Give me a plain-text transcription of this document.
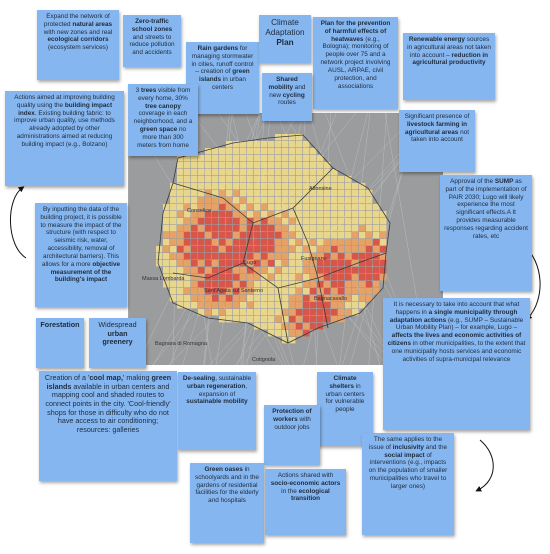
Alfonsine
Conselice
Fusignano
Lugo
Massa Lombarda
Sant'Agata sul Santerno
Bagnacavallo
Bagnara di Romagna
Cotignola
Expand the network of protected natural areas with new zones and real ecological corridors (ecosystem services)
Zero-traffic school zones and streets to reduce pollution and accidents
Rain gardens for managing stormwater in cities, runoff control – creation of green islands in urban centers
Climate Adaptation Plan
Plan for the prevention of harmful effects of heatwaves (e.g., Bologna); monitoring of people over 75 and a network project involving AUSL, ARPAE, civil protection, and associations
Renewable energy sources in agricultural areas not taken into account – reduction in agricultural productivity
Actions aimed at improving building quality using the building impact index. Existing building fabric: to improve urban quality, use methods already adopted by other administrations aimed at reducing building impact (e.g., Bolzano)
3 trees visible from every home, 30% tree canopy coverage in each neighborhood, and a green space no more than 300 meters from home
Shared mobility and new cycling routes
Significant presence of livestock farming in agricultural areas not taken into account
By inputting the data of the building project, it is possible to measure the impact of the structure (with respect to seismic risk, water, accessibility, removal of architectural barriers). This allows for a more objective measurement of the building's impact
Approval of the SUMP as part of the implementation of PAIR 2030; Lugo will likely experience the most significant effects.A It provides measurable responses regarding accident rates, etc
Forestation	Widespread urban greenery
It is necessary to take into account that what happens in a single municipality through adaptation actions (e.g., SUMP – Sustainable Urban Mobility Plan) – for example, Lugo – affects the lives and economic activities of citizens in other municipalities, to the extent that one municipality hosts services and economic activities of supra-municipal relevance
Creation of a 'cool map,' making green islands available in urban centers and mapping cool and shaded routes to connect points in the city. 'Cool-friendly' shops for those in difficulty who do not have access to air conditioning; resources: galleries
De-sealing, sustainable urban regeneration, expansion of sustainable mobility
Climate shelters in urban centers for vulnerable people
Protection of workers with outdoor jobs
The same applies to the issue of inclusivity and the social impact of interventions (e.g., impacts on the population of smaller municipalities who travel to larger ones)
Green oases in schoolyards and in the gardens of residential facilities for the elderly and hospitals
Actions shared with socio-economic actors in the ecological transition
